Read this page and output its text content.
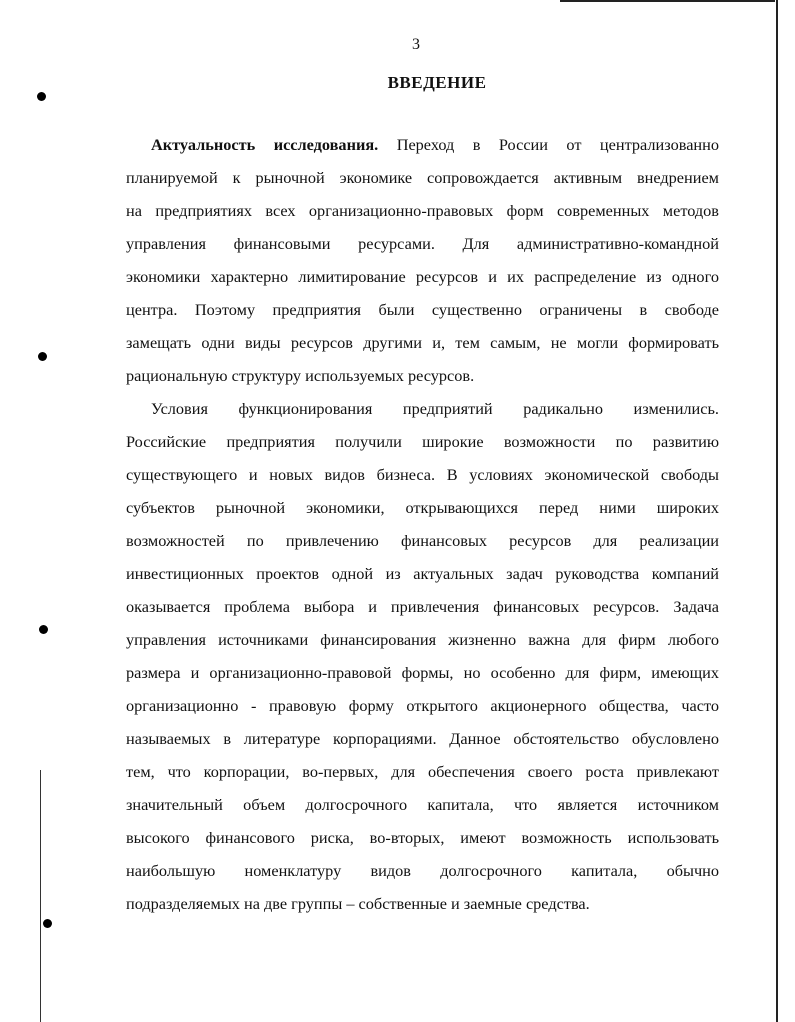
3
ВВЕДЕНИЕ
Актуальность исследования. Переход в России от централизованно
планируемой к рыночной экономике сопровождается активным внедрением
на предприятиях всех организационно-правовых форм современных методов
управления финансовыми ресурсами. Для административно-командной
экономики характерно лимитирование ресурсов и их распределение из одного
центра. Поэтому предприятия были существенно ограничены в свободе
замещать одни виды ресурсов другими и, тем самым, не могли формировать
рациональную структуру используемых ресурсов.
Условия функционирования предприятий радикально изменились.
Российские предприятия получили широкие возможности по развитию
существующего и новых видов бизнеса. В условиях экономической свободы
субъектов рыночной экономики, открывающихся перед ними широких
возможностей по привлечению финансовых ресурсов для реализации
инвестиционных проектов одной из актуальных задач руководства компаний
оказывается проблема выбора и привлечения финансовых ресурсов. Задача
управления источниками финансирования жизненно важна для фирм любого
размера и организационно-правовой формы, но особенно для фирм, имеющих
организационно - правовую форму открытого акционерного общества, часто
называемых в литературе корпорациями. Данное обстоятельство обусловлено
тем, что корпорации, во-первых, для обеспечения своего роста привлекают
значительный объем долгосрочного капитала, что является источником
высокого финансового риска, во-вторых, имеют возможность использовать
наибольшую номенклатуру видов долгосрочного капитала, обычно
подразделяемых на две группы – собственные и заемные средства.
